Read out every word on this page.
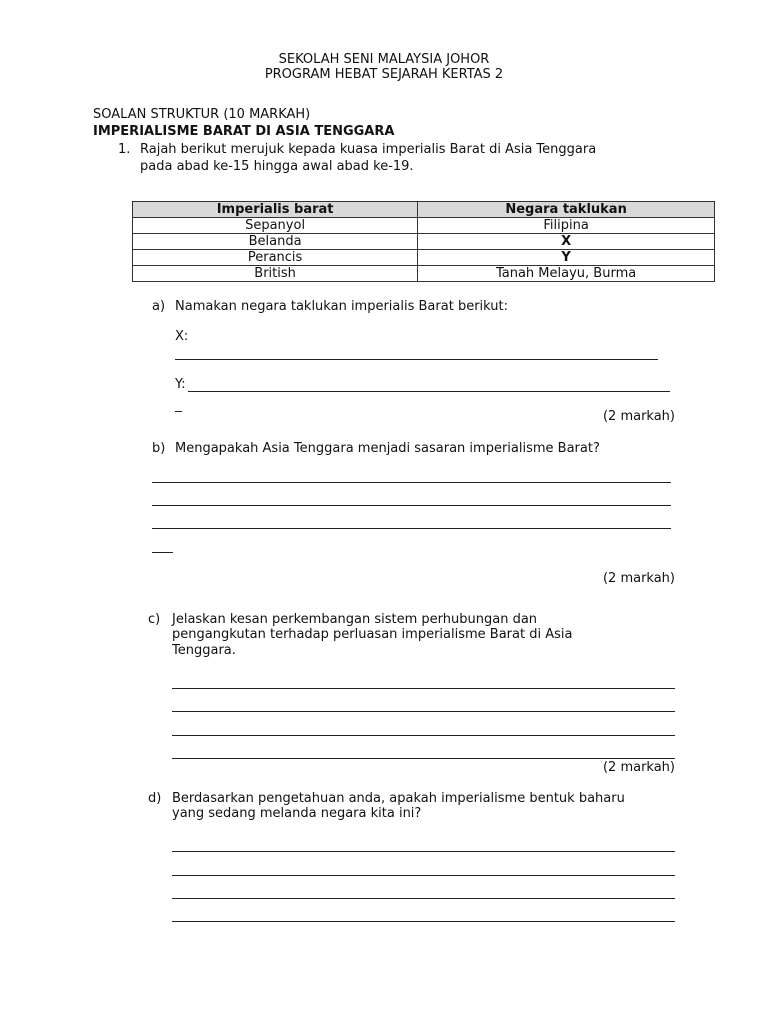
SEKOLAH SENI MALAYSIA JOHOR
PROGRAM HEBAT SEJARAH KERTAS 2
SOALAN STRUKTUR (10 MARKAH)
IMPERIALISME BARAT DI ASIA TENGGARA
1. Rajah berikut merujuk kepada kuasa imperialis Barat di Asia Tenggara
pada abad ke-15 hingga awal abad ke-19.
Imperialis barat	Negara taklukan
Sepanyol	Filipina
Belanda	X
Perancis	Y
British	Tanah Melayu, Burma
a) Namakan negara taklukan imperialis Barat berikut:
X:
Y:
(2 markah)
b) Mengapakah Asia Tenggara menjadi sasaran imperialisme Barat?
(2 markah)
c) Jelaskan kesan perkembangan sistem perhubungan dan
pengangkutan terhadap perluasan imperialisme Barat di Asia
Tenggara.
(2 markah)
d) Berdasarkan pengetahuan anda, apakah imperialisme bentuk baharu
yang sedang melanda negara kita ini?
